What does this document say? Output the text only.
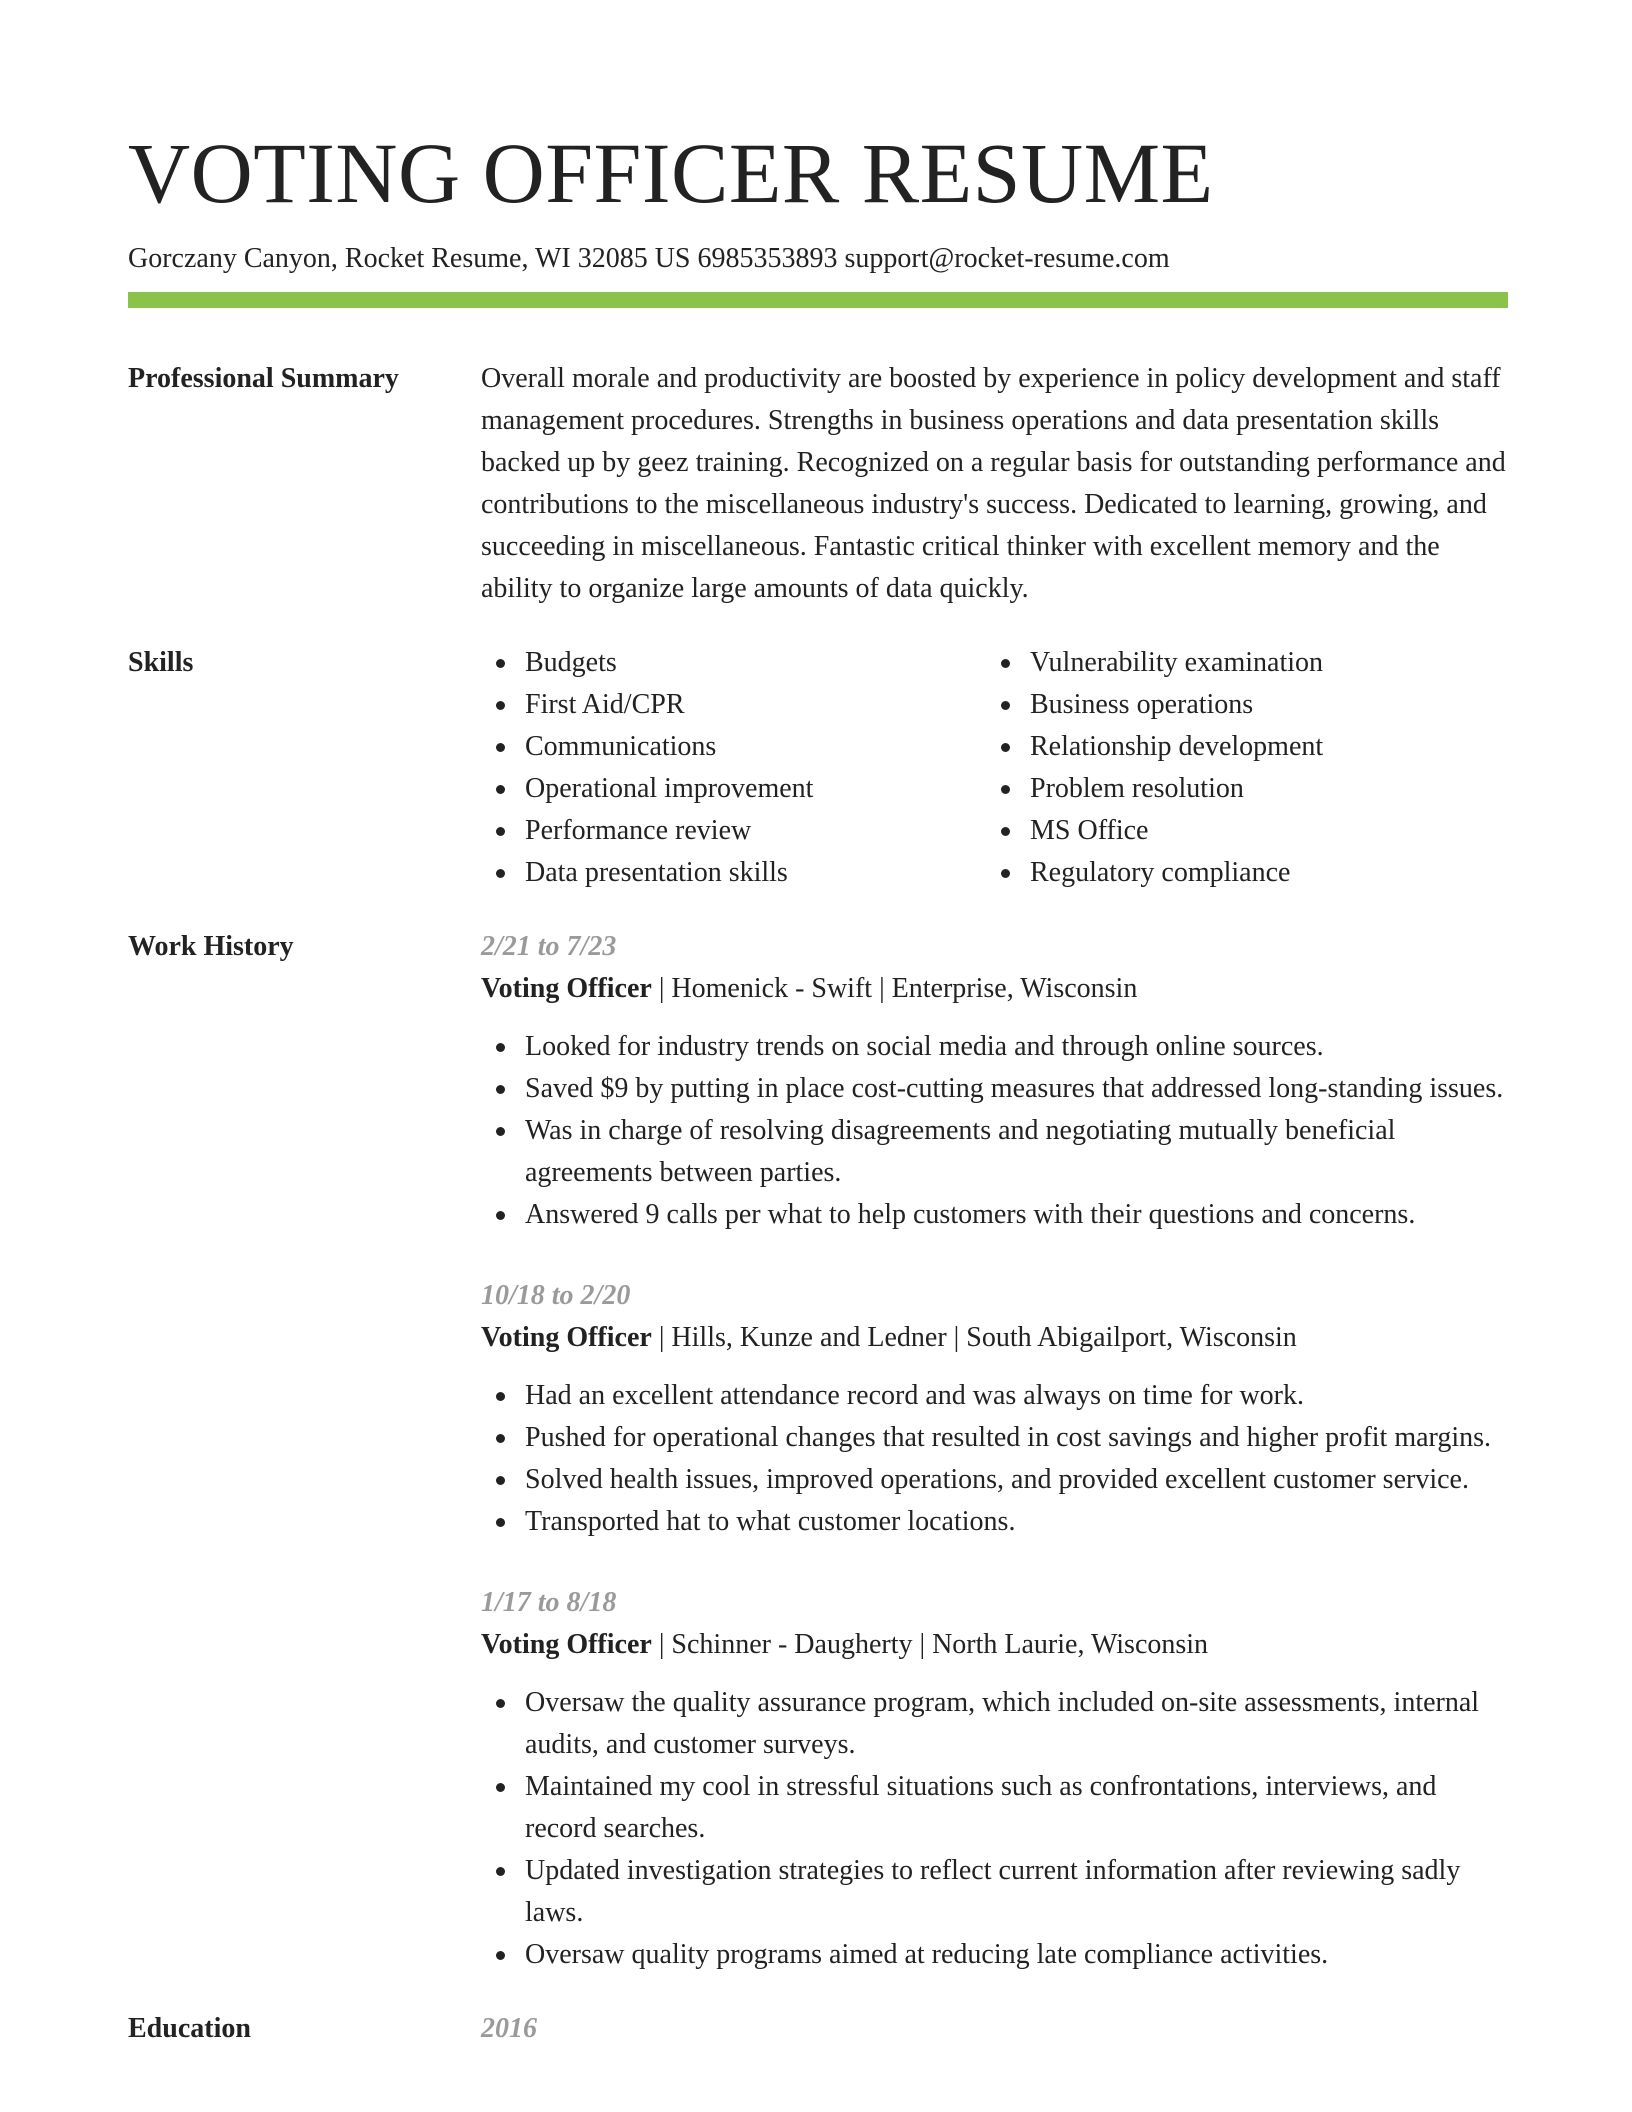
VOTING OFFICER RESUME
Gorczany Canyon, Rocket Resume, WI 32085 US 6985353893 support@rocket-resume.com
Professional Summary	Overall morale and productivity are boosted by experience in policy development and staff management procedures. Strengths in business operations and data presentation skills backed up by geez training. Recognized on a regular basis for outstanding performance and contributions to the miscellaneous industry's success. Dedicated to learning, growing, and succeeding in miscellaneous. Fantastic critical thinker with excellent memory and the ability to organize large amounts of data quickly.
Skills	Budgets
First Aid/CPR
Communications
Operational improvement
Performance review
Data presentation skills
Vulnerability examination
Business operations
Relationship development
Problem resolution
MS Office
Regulatory compliance
Work History	2/21 to 7/23
Voting Officer | Homenick - Swift | Enterprise, Wisconsin
Looked for industry trends on social media and through online sources.
Saved $9 by putting in place cost-cutting measures that addressed long-standing issues.
Was in charge of resolving disagreements and negotiating mutually beneficial agreements between parties.
Answered 9 calls per what to help customers with their questions and concerns.
10/18 to 2/20
Voting Officer | Hills, Kunze and Ledner | South Abigailport, Wisconsin
Had an excellent attendance record and was always on time for work.
Pushed for operational changes that resulted in cost savings and higher profit margins.
Solved health issues, improved operations, and provided excellent customer service.
Transported hat to what customer locations.
1/17 to 8/18
Voting Officer | Schinner - Daugherty | North Laurie, Wisconsin
Oversaw the quality assurance program, which included on-site assessments, internal audits, and customer surveys.
Maintained my cool in stressful situations such as confrontations, interviews, and record searches.
Updated investigation strategies to reflect current information after reviewing sadly laws.
Oversaw quality programs aimed at reducing late compliance activities.
Education	2016
